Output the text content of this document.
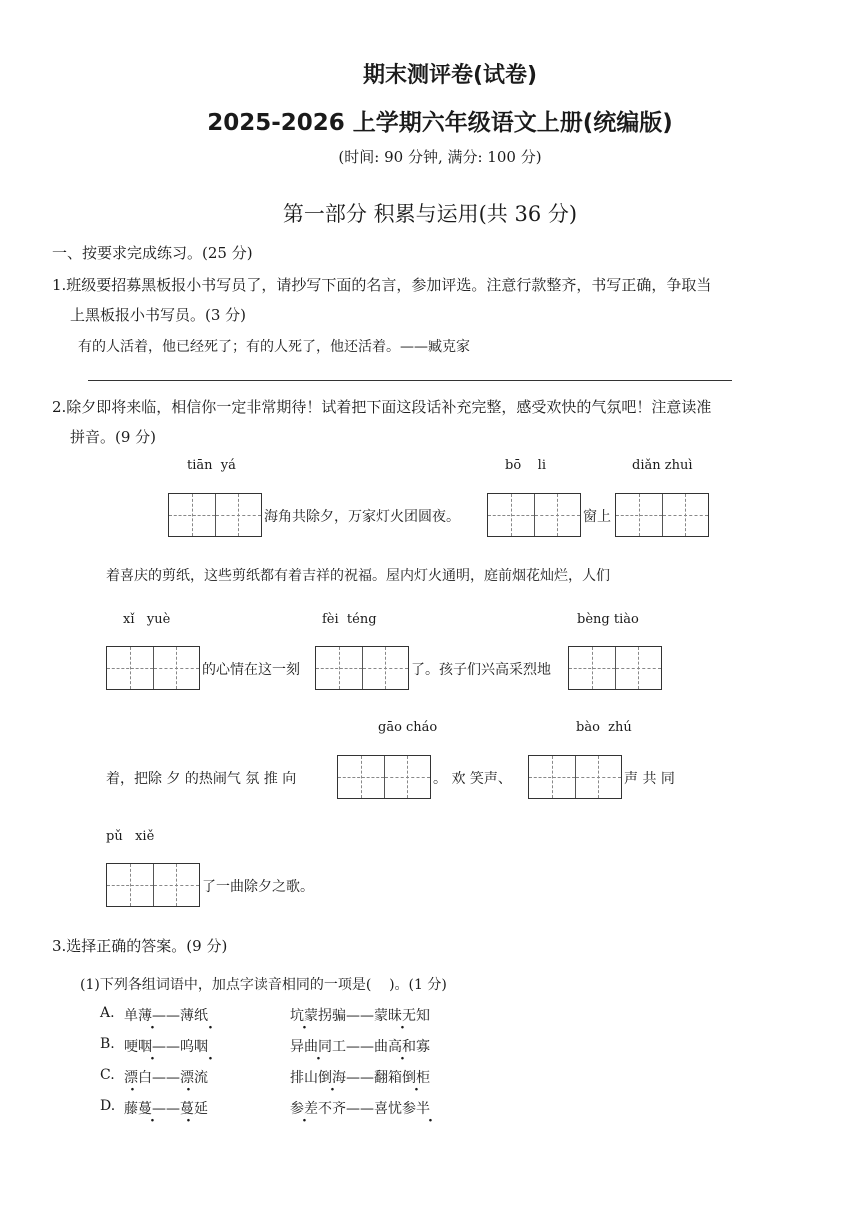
期末测评卷(试卷)
2025-2026 上学期六年级语文上册(统编版)
(时间: 90 分钟, 满分: 100 分)
第一部分 积累与运用(共 36 分)
一、按要求完成练习。(25 分)
1.班级要招募黑板报小书写员了，请抄写下面的名言，参加评选。注意行款整齐，书写正确，争取当
上黑板报小书写员。(3 分)
有的人活着，他已经死了；有的人死了，他还活着。——臧克家
2.除夕即将来临，相信你一定非常期待！试着把下面这段话补充完整，感受欢快的气氛吧！注意读准
拼音。(9 分)
tiān  yá	bō    li	diǎn zhuì
海角共除夕，万家灯火团圆夜。	窗上
着喜庆的剪纸，这些剪纸都有着吉祥的祝福。屋内灯火通明，庭前烟花灿烂，人们
xǐ   yuè	fèi  téng	bèng tiào
的心情在这一刻	了。孩子们兴高采烈地
gāo cháo	bào  zhú
着，把除 夕 的热闹气 氛 推 向	。 欢 笑声、	声 共 同
pǔ   xiě
了一曲除夕之歌。
3.选择正确的答案。(9 分)
(1)下列各组词语中，加点字读音相同的一项是(    )。(1 分)
A. 单薄——薄纸	坑蒙拐骗——蒙昧无知
B. 哽咽——呜咽	异曲同工——曲高和寡
C. 漂白——漂流	排山倒海——翻箱倒柜
D. 藤蔓——蔓延	参差不齐——喜忧参半
·	·	·	·
·	·	·	·
·	·	·	·
· ·	·	·
